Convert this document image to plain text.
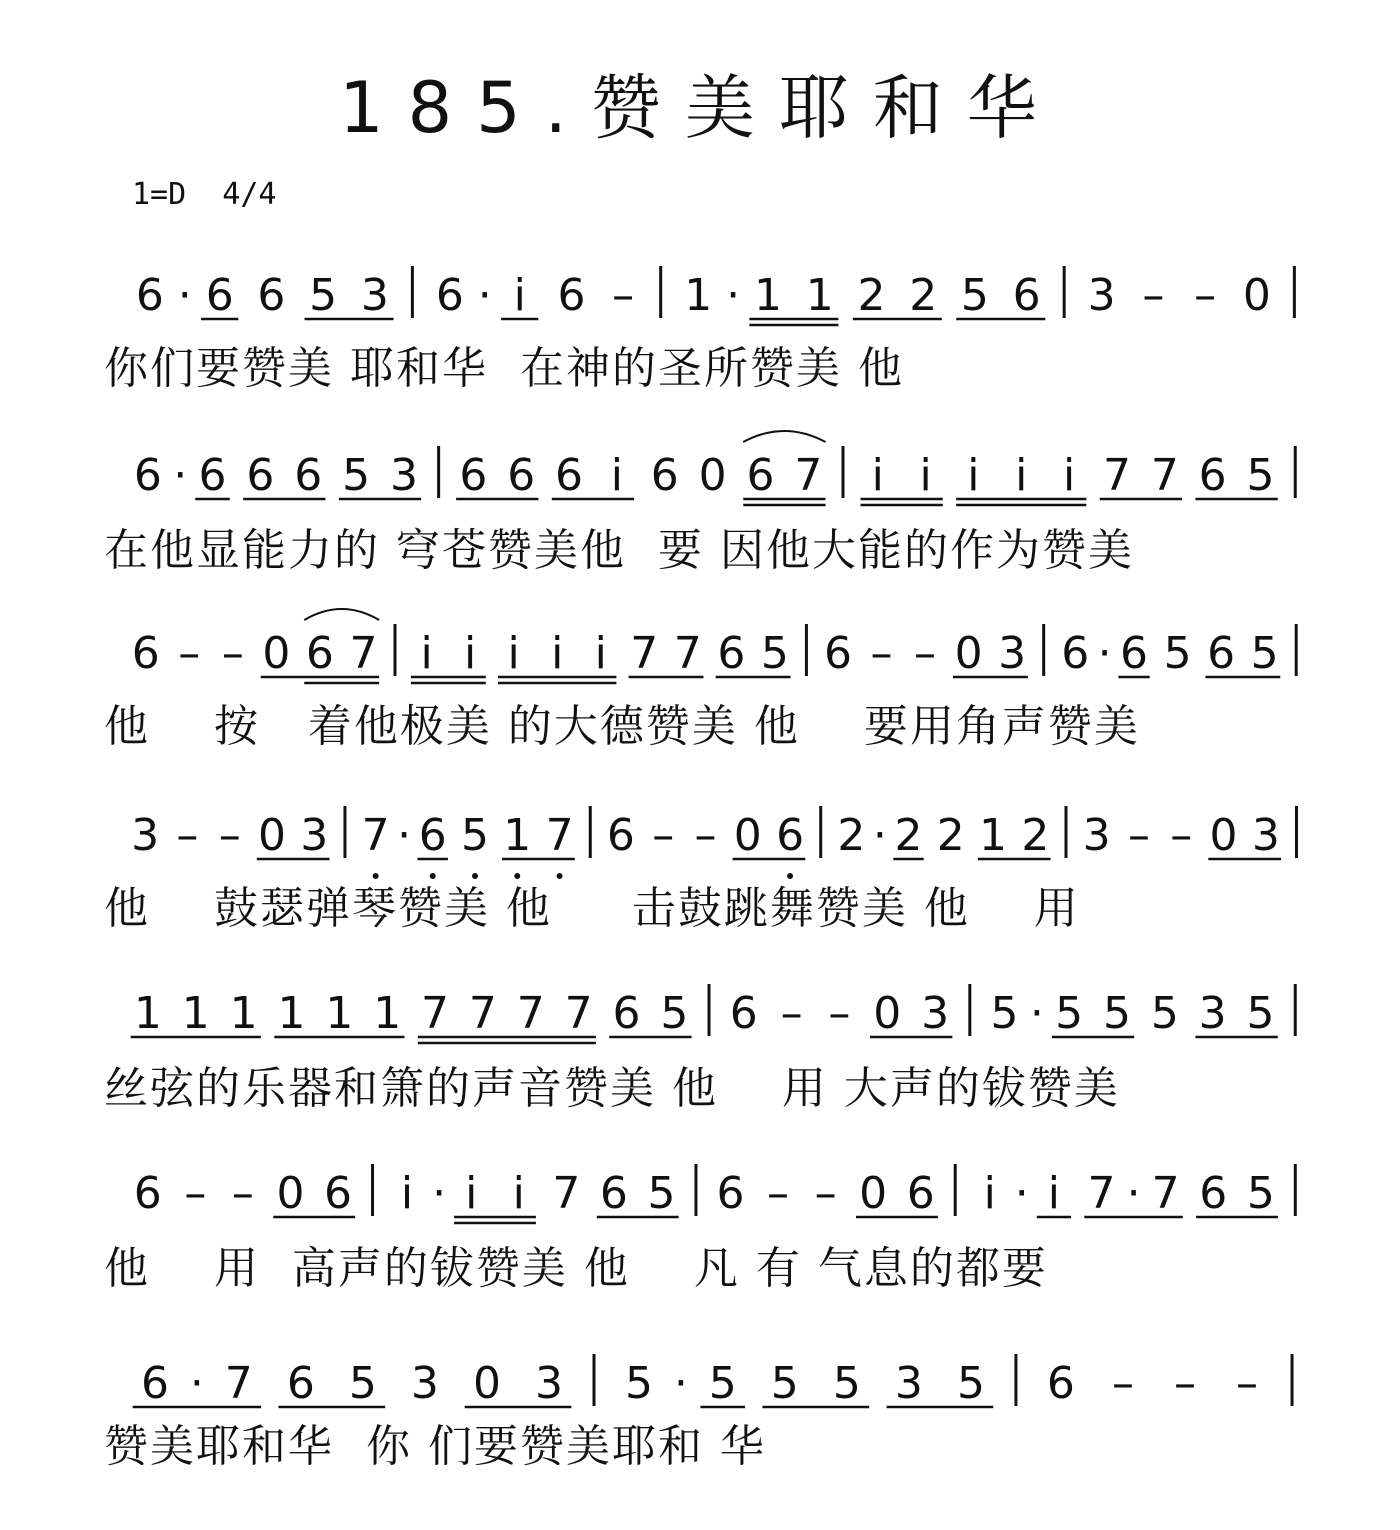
185.赞美耶和华
1=D  4/4
6 · 6 6 5 3 6 · i 6 – 1 · 1 1 2 2 5 6 3 – – 0
你们要赞美 耶和华  在神的圣所赞美 他
6 · 6 6 6 5 3 6 6 6 i 6 0 6 7 i i i i i 7 7 6 5
在他显能力的 穹苍赞美他  要 因他大能的作为赞美
6 – – 0 6 7 i i i i i 7 7 6 5 6 – – 0 3 6 · 6 5 6 5
他    按   着他极美 的大德赞美 他    要用角声赞美
3 – – 0 3 7 · 6 5 1 7 6 – – 0 6 2 · 2 2 1 2 3 – – 0 3
他    鼓瑟弹琴赞美 他     击鼓跳舞赞美 他    用
1 1 1 1 1 1 7 7 7 7 6 5 6 – – 0 3 5 · 5 5 5 3 5
丝弦的乐器和箫的声音赞美 他    用 大声的钹赞美
6 – – 0 6 i · i i 7 6 5 6 – – 0 6 i · i 7 · 7 6 5
他    用  高声的钹赞美 他    凡 有 气息的都要
6 · 7 6 5 3 0 3 5 · 5 5 5 3 5 6 – – –
赞美耶和华  你 们要赞美耶和 华
